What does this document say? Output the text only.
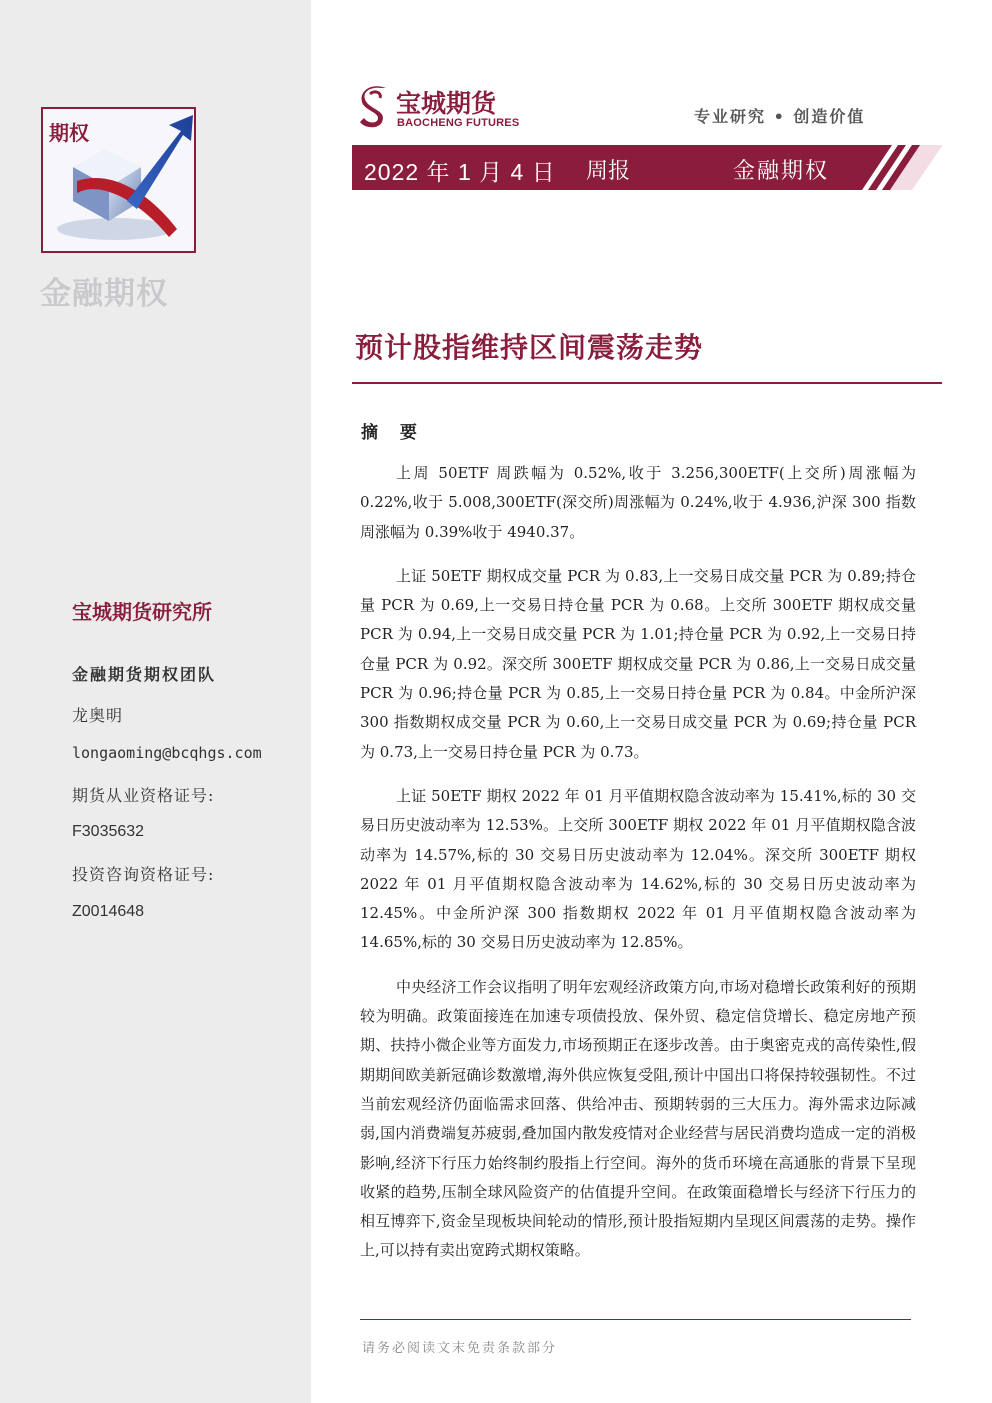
期权
金融期权
宝城期货研究所
金融期货期权团队
龙奥明
longaoming@bcqhgs.com
期货从业资格证号:
F3035632
投资咨询资格证号:
Z0014648
宝城期货
BAOCHENG FUTURES	专业研究 • 创造价值
2022 年 1 月 4 日 周报	金融期权
预计股指维持区间震荡走势
摘 要

上周 50ETF 周跌幅为 0.52%,收于 3.256,300ETF(上交所)周涨幅为 0.22%,收于 5.008,300ETF(深交所)周涨幅为 0.24%,收于 4.936,沪深 300 指数周涨幅为 0.39%收于 4940.37。

上证 50ETF 期权成交量 PCR 为 0.83,上一交易日成交量 PCR 为 0.89;持仓量 PCR 为 0.69,上一交易日持仓量 PCR 为 0.68。上交所 300ETF 期权成交量 PCR 为 0.94,上一交易日成交量 PCR 为 1.01;持仓量 PCR 为 0.92,上一交易日持仓量 PCR 为 0.92。深交所 300ETF 期权成交量 PCR 为 0.86,上一交易日成交量 PCR 为 0.96;持仓量 PCR 为 0.85,上一交易日持仓量 PCR 为 0.84。中金所沪深 300 指数期权成交量 PCR 为 0.60,上一交易日成交量 PCR 为 0.69;持仓量 PCR 为 0.73,上一交易日持仓量 PCR 为 0.73。

上证 50ETF 期权 2022 年 01 月平值期权隐含波动率为 15.41%,标的 30 交易日历史波动率为 12.53%。上交所 300ETF 期权 2022 年 01 月平值期权隐含波动率为 14.57%,标的 30 交易日历史波动率为 12.04%。深交所 300ETF 期权 2022 年 01 月平值期权隐含波动率为 14.62%,标的 30 交易日历史波动率为 12.45%。中金所沪深 300 指数期权 2022 年 01 月平值期权隐含波动率为 14.65%,标的 30 交易日历史波动率为 12.85%。

中央经济工作会议指明了明年宏观经济政策方向,市场对稳增长政策利好的预期较为明确。政策面接连在加速专项债投放、保外贸、稳定信贷增长、稳定房地产预期、扶持小微企业等方面发力,市场预期正在逐步改善。由于奥密克戎的高传染性,假期期间欧美新冠确诊数激增,海外供应恢复受阻,预计中国出口将保持较强韧性。不过当前宏观经济仍面临需求回落、供给冲击、预期转弱的三大压力。海外需求边际减弱,国内消费端复苏疲弱,叠加国内散发疫情对企业经营与居民消费均造成一定的消极影响,经济下行压力始终制约股指上行空间。海外的货币环境在高通胀的背景下呈现收紧的趋势,压制全球风险资产的估值提升空间。在政策面稳增长与经济下行压力的相互博弈下,资金呈现板块间轮动的情形,预计股指短期内呈现区间震荡的走势。操作上,可以持有卖出宽跨式期权策略。

请务必阅读文末免责条款部分
